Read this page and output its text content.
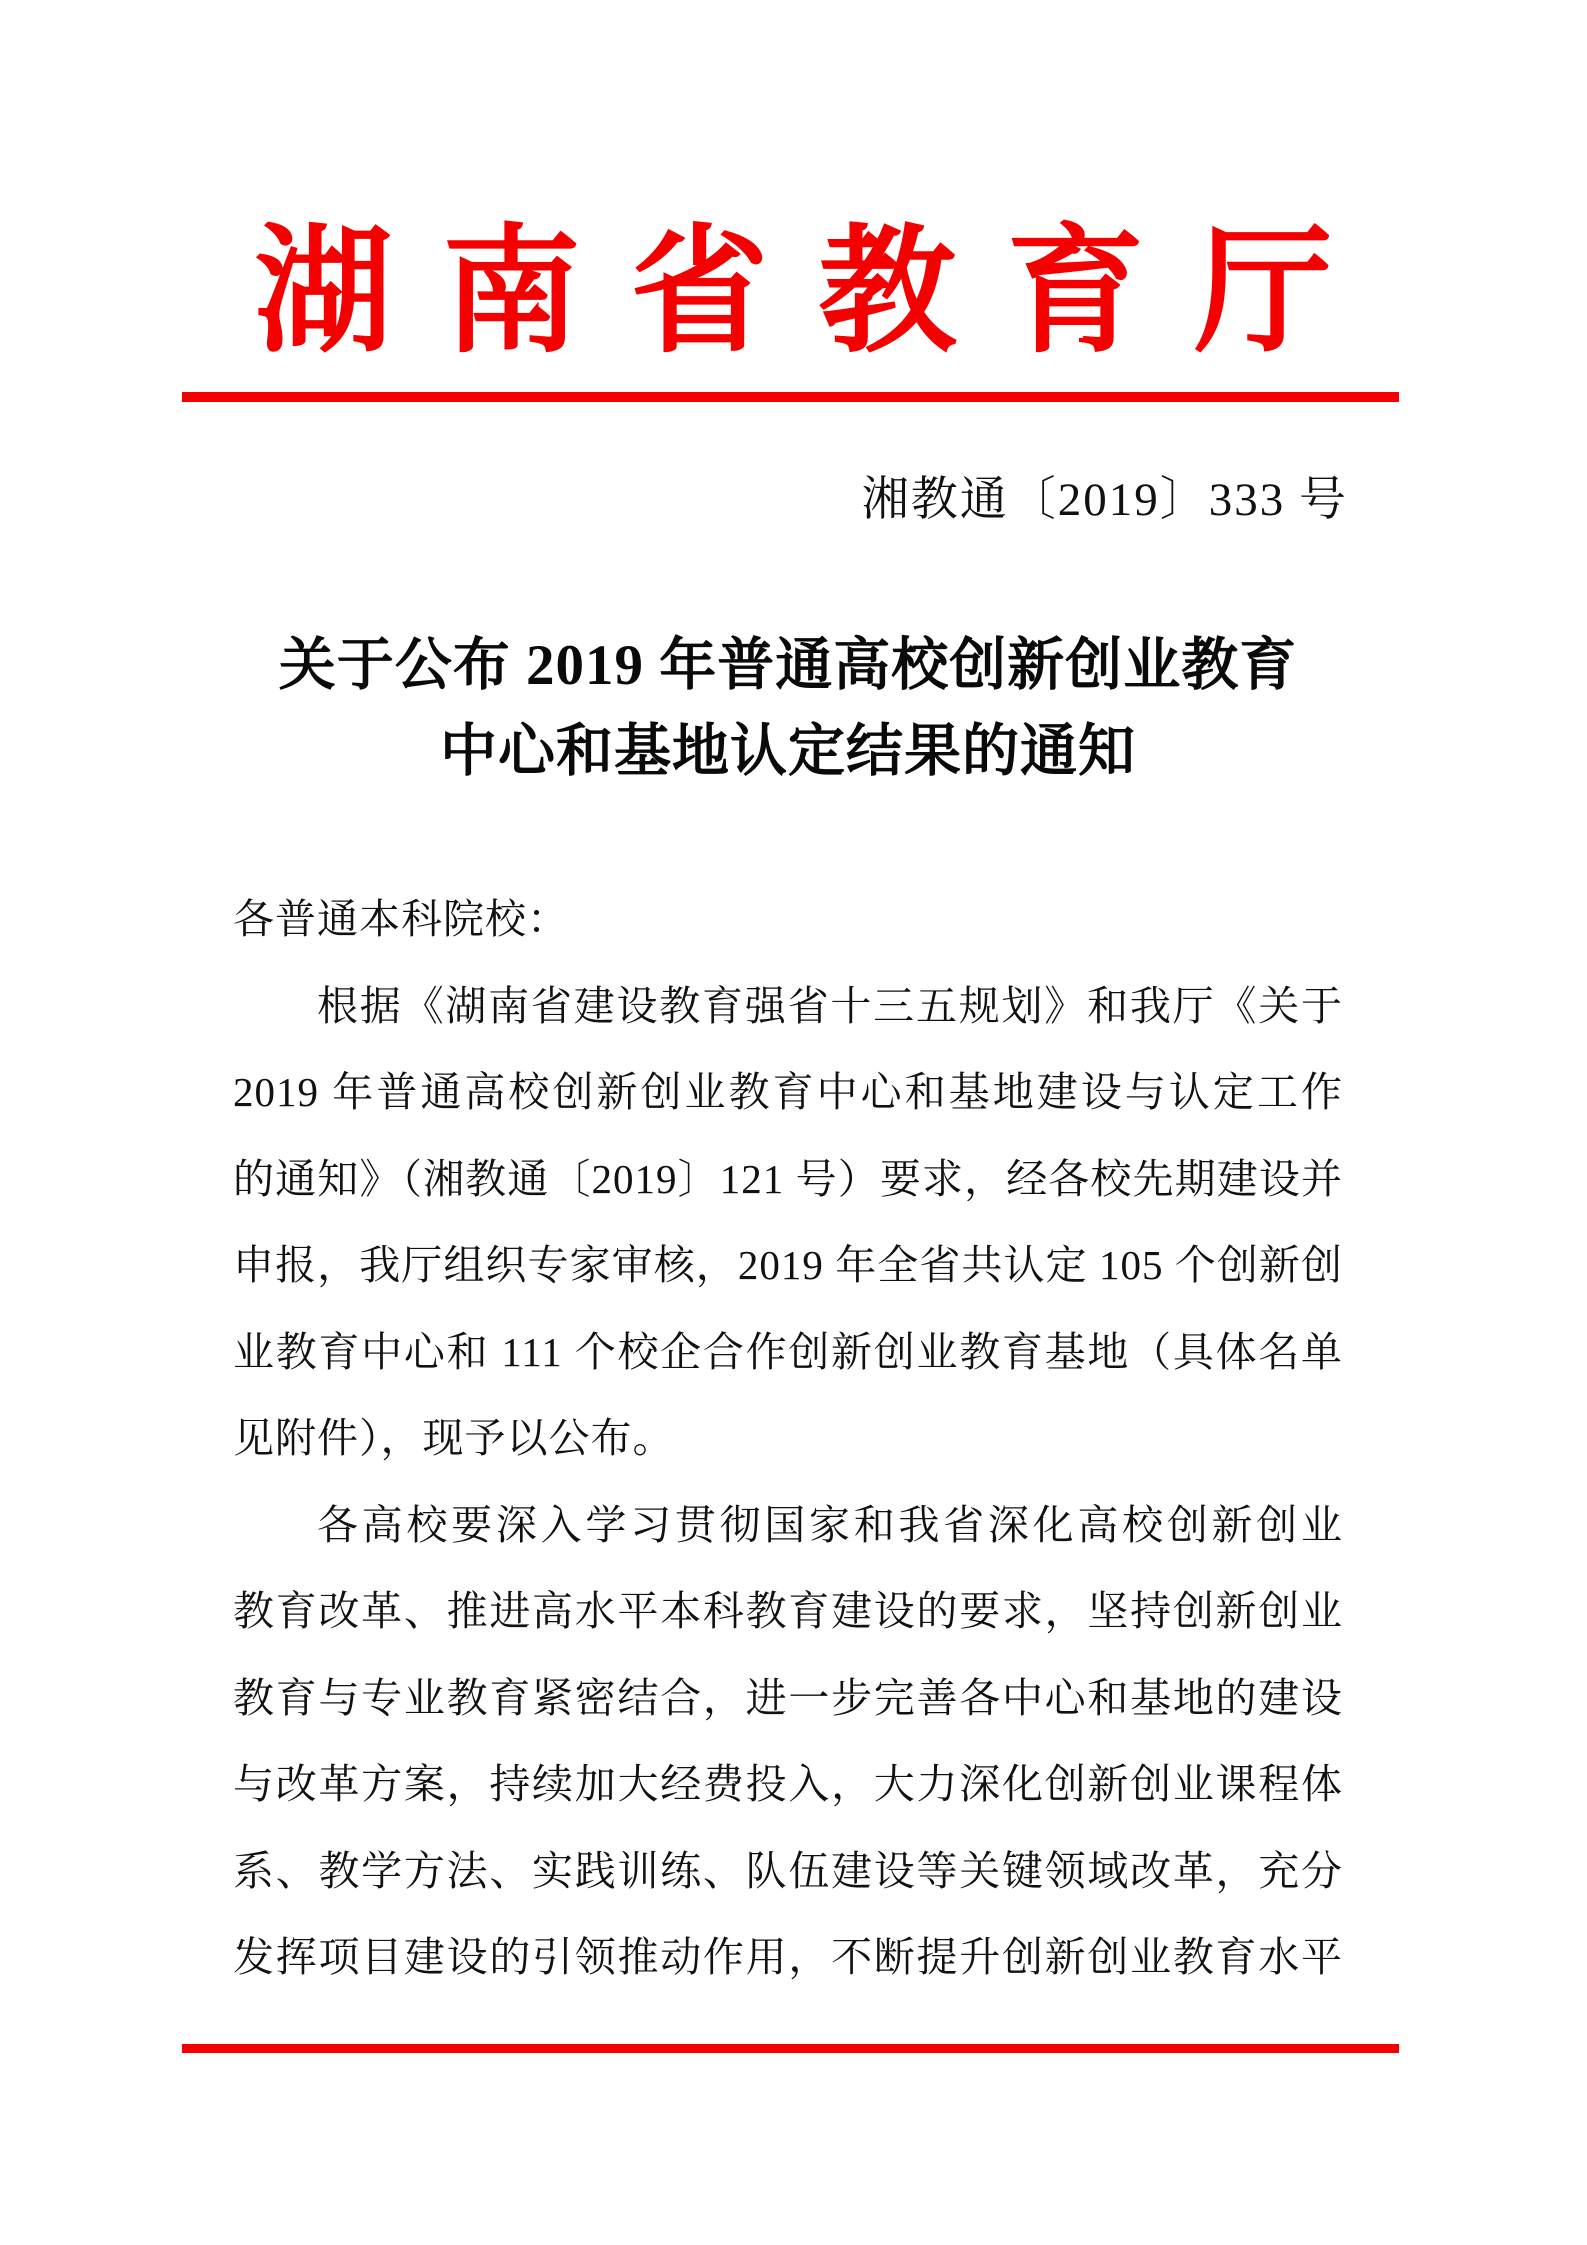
湖南省教育厅
湘教通〔2019〕333 号
关于公布 2019 年普通高校创新创业教育
中心和基地认定结果的通知
各普通本科院校：
根据《湖南省建设教育强省十三五规划》和我厅《关于
2019 年普通高校创新创业教育中心和基地建设与认定工作
的通知》（湘教通〔2019〕121 号）要求，经各校先期建设并
申报，我厅组织专家审核，2019 年全省共认定 105 个创新创
业教育中心和 111 个校企合作创新创业教育基地（具体名单
见附件），现予以公布。
各高校要深入学习贯彻国家和我省深化高校创新创业
教育改革、推进高水平本科教育建设的要求，坚持创新创业
教育与专业教育紧密结合，进一步完善各中心和基地的建设
与改革方案，持续加大经费投入，大力深化创新创业课程体
系、教学方法、实践训练、队伍建设等关键领域改革，充分
发挥项目建设的引领推动作用，不断提升创新创业教育水平
